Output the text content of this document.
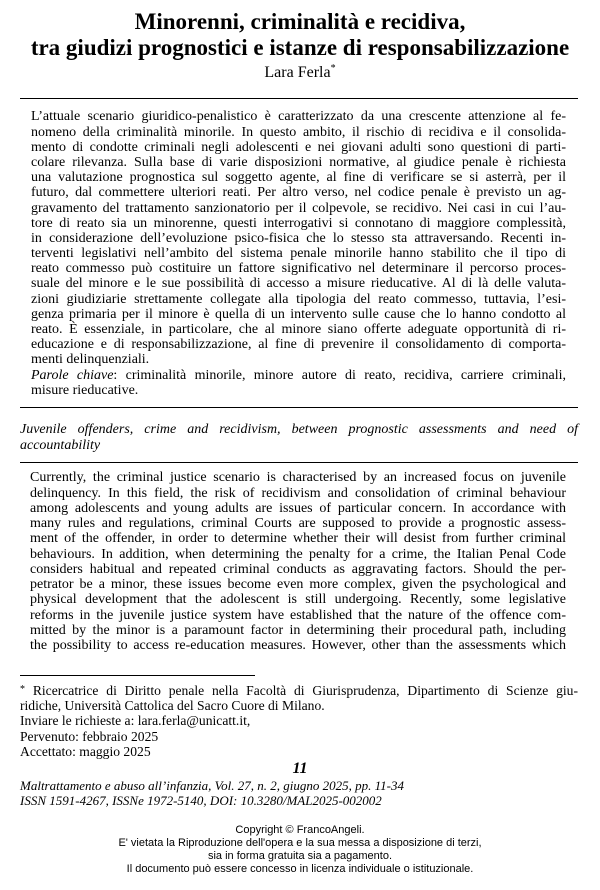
Minorenni, criminalità e recidiva,
tra giudizi prognostici e istanze di responsabilizzazione
Lara Ferla*
L’attuale scenario giuridico-penalistico è caratterizzato da una crescente attenzione al fe-
nomeno della criminalità minorile. In questo ambito, il rischio di recidiva e il consolida-
mento di condotte criminali negli adolescenti e nei giovani adulti sono questioni di parti-
colare rilevanza. Sulla base di varie disposizioni normative, al giudice penale è richiesta
una valutazione prognostica sul soggetto agente, al fine di verificare se si asterrà, per il
futuro, dal commettere ulteriori reati. Per altro verso, nel codice penale è previsto un ag-
gravamento del trattamento sanzionatorio per il colpevole, se recidivo. Nei casi in cui l’au-
tore di reato sia un minorenne, questi interrogativi si connotano di maggiore complessità,
in considerazione dell’evoluzione psico-fisica che lo stesso sta attraversando. Recenti in-
terventi legislativi nell’ambito del sistema penale minorile hanno stabilito che il tipo di
reato commesso può costituire un fattore significativo nel determinare il percorso proces-
suale del minore e le sue possibilità di accesso a misure rieducative. Al di là delle valuta-
zioni giudiziarie strettamente collegate alla tipologia del reato commesso, tuttavia, l’esi-
genza primaria per il minore è quella di un intervento sulle cause che lo hanno condotto al
reato. È essenziale, in particolare, che al minore siano offerte adeguate opportunità di ri-
educazione e di responsabilizzazione, al fine di prevenire il consolidamento di comporta-
menti delinquenziali.
Parole chiave: criminalità minorile, minore autore di reato, recidiva, carriere criminali,
misure rieducative.
Juvenile offenders, crime and recidivism, between prognostic assessments and need of
accountability
Currently, the criminal justice scenario is characterised by an increased focus on juvenile
delinquency. In this field, the risk of recidivism and consolidation of criminal behaviour
among adolescents and young adults are issues of particular concern. In accordance with
many rules and regulations, criminal Courts are supposed to provide a prognostic assess-
ment of the offender, in order to determine whether their will desist from further criminal
behaviours. In addition, when determining the penalty for a crime, the Italian Penal Code
considers habitual and repeated criminal conducts as aggravating factors. Should the per-
petrator be a minor, these issues become even more complex, given the psychological and
physical development that the adolescent is still undergoing. Recently, some legislative
reforms in the juvenile justice system have established that the nature of the offence com-
mitted by the minor is a paramount factor in determining their procedural path, including
the possibility to access re-education measures. However, other than the assessments which
* Ricercatrice di Diritto penale nella Facoltà di Giurisprudenza, Dipartimento di Scienze giu-
ridiche, Università Cattolica del Sacro Cuore di Milano.
Inviare le richieste a: lara.ferla@unicatt.it,
Pervenuto: febbraio 2025
Accettato: maggio 2025
11
Maltrattamento e abuso all’infanzia, Vol. 27, n. 2, giugno 2025, pp. 11-34
ISSN 1591-4267, ISSNe 1972-5140, DOI: 10.3280/MAL2025-002002
Copyright © FrancoAngeli.
E' vietata la Riproduzione dell'opera e la sua messa a disposizione di terzi,
sia in forma gratuita sia a pagamento.
Il documento può essere concesso in licenza individuale o istituzionale.
